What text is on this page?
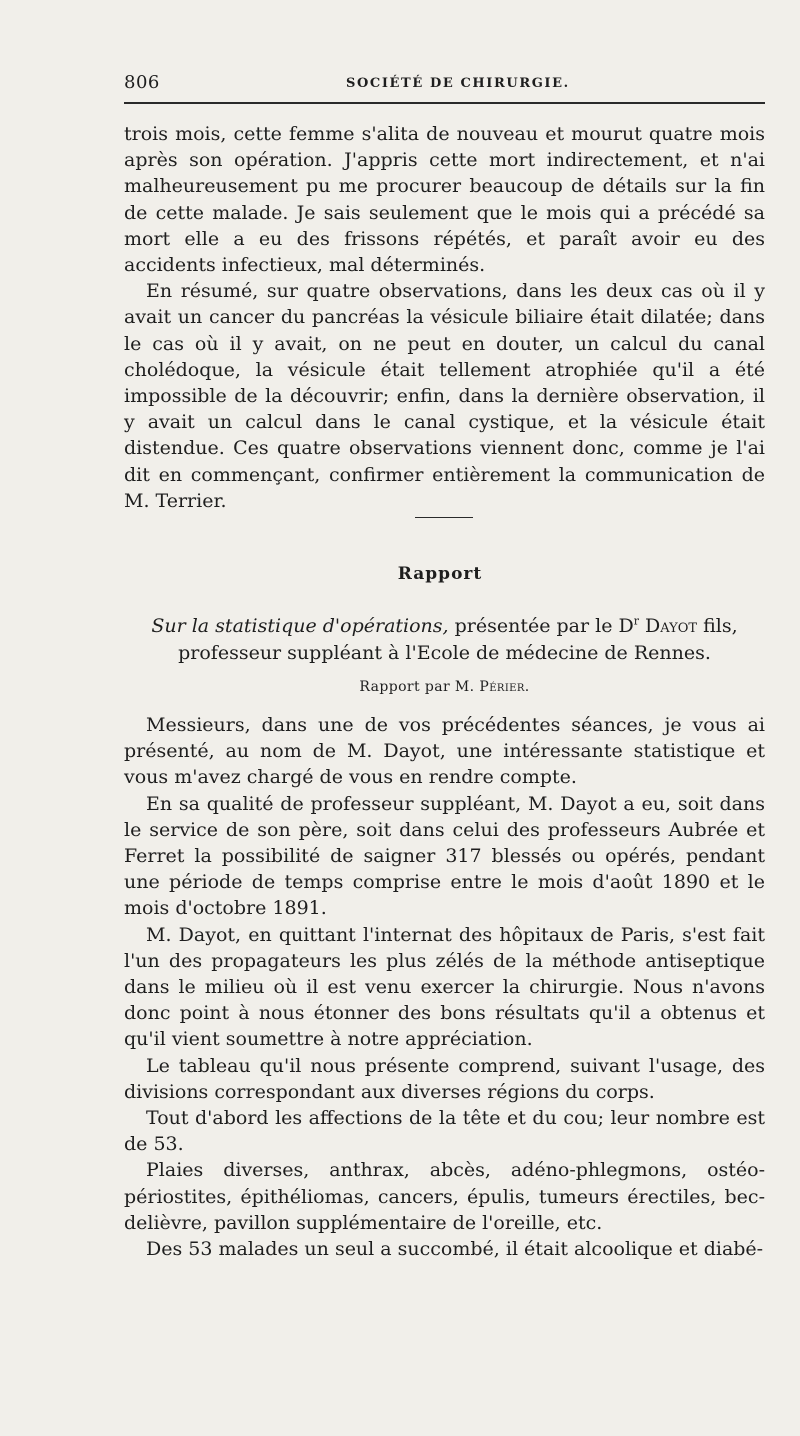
806	SOCIÉTÉ DE CHIRURGIE.

trois mois, cette femme s'alita de nouveau et mourut quatre mois après son opération. J'appris cette mort indirectement, et n'ai malheureusement pu me procurer beaucoup de détails sur la fin de cette malade. Je sais seulement que le mois qui a précédé sa mort elle a eu des frissons répétés, et paraît avoir eu des accidents infectieux, mal déterminés.

En résumé, sur quatre observations, dans les deux cas où il y avait un cancer du pancréas la vésicule biliaire était dilatée; dans le cas où il y avait, on ne peut en douter, un calcul du canal cholédoque, la vésicule était tellement atrophiée qu'il a été impossible de la découvrir; enfin, dans la dernière observation, il y avait un calcul dans le canal cystique, et la vésicule était distendue. Ces quatre observations viennent donc, comme je l'ai dit en commençant, confirmer entièrement la communication de M. Terrier.

Rapport
Sur la statistique d'opérations, présentée par le $D^r$ Dayot fils, professeur suppléant à l'Ecole de médecine de Rennes.
Rapport par M. Périer.

Messieurs, dans une de vos précédentes séances, je vous ai présenté, au nom de M. Dayot, une intéressante statistique et vous m'avez chargé de vous en rendre compte.

En sa qualité de professeur suppléant, M. Dayot a eu, soit dans le service de son père, soit dans celui des professeurs Aubrée et Ferret la possibilité de saigner 317 blessés ou opérés, pendant une période de temps comprise entre le mois d'août 1890 et le mois d'octobre 1891.

M. Dayot, en quittant l'internat des hôpitaux de Paris, s'est fait l'un des propagateurs les plus zélés de la méthode antiseptique dans le milieu où il est venu exercer la chirurgie. Nous n'avons donc point à nous étonner des bons résultats qu'il a obtenus et qu'il vient soumettre à notre appréciation.

Le tableau qu'il nous présente comprend, suivant l'usage, des divisions correspondant aux diverses régions du corps.

Tout d'abord les affections de la tête et du cou; leur nombre est de 53.

Plaies diverses, anthrax, abcès, adéno-phlegmons, ostéo-périostites, épithéliomas, cancers, épulis, tumeurs érectiles, bec-delièvre, pavillon supplémentaire de l'oreille, etc.

Des 53 malades un seul a succombé, il était alcoolique et diabé-
